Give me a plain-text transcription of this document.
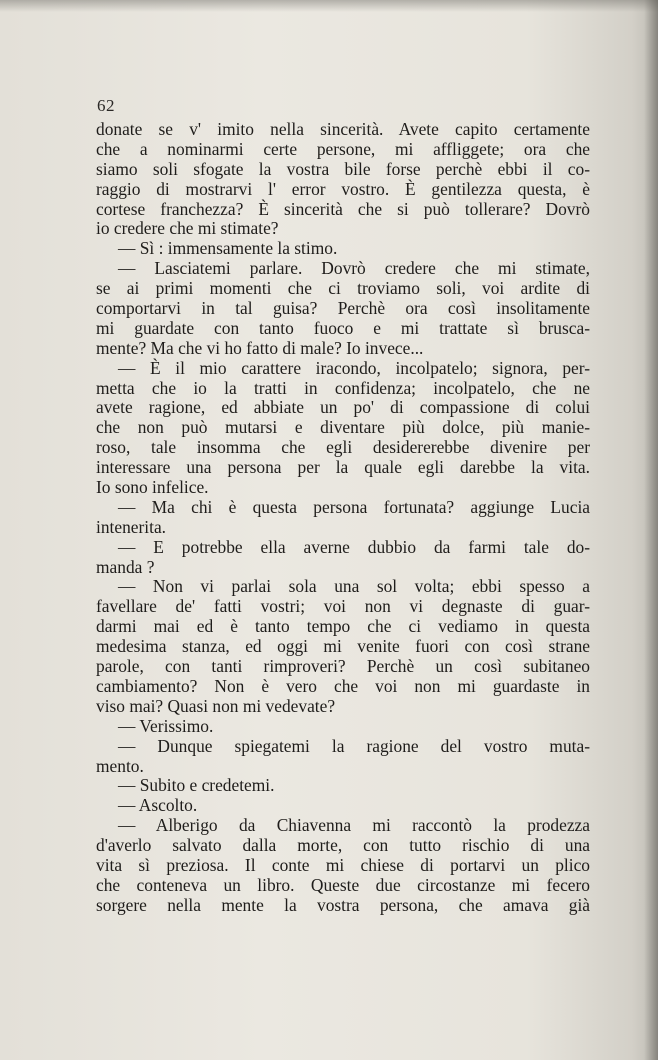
62
donate se v' imito nella sincerità. Avete capito certamente
che a nominarmi certe persone, mi affliggete; ora che
siamo soli sfogate la vostra bile forse perchè ebbi il co-
raggio di mostrarvi l' error vostro. È gentilezza questa, è
cortese franchezza? È sincerità che si può tollerare? Dovrò
io credere che mi stimate?
— Sì : immensamente la stimo.
— Lasciatemi parlare. Dovrò credere che mi stimate,
se ai primi momenti che ci troviamo soli, voi ardite di
comportarvi in tal guisa? Perchè ora così insolitamente
mi guardate con tanto fuoco e mi trattate sì brusca-
mente? Ma che vi ho fatto di male? Io invece...
— È il mio carattere iracondo, incolpatelo; signora, per-
metta che io la tratti in confidenza; incolpatelo, che ne
avete ragione, ed abbiate un po' di compassione di colui
che non può mutarsi e diventare più dolce, più manie-
roso, tale insomma che egli desidererebbe divenire per
interessare una persona per la quale egli darebbe la vita.
Io sono infelice.
— Ma chi è questa persona fortunata? aggiunge Lucia
intenerita.
— E potrebbe ella averne dubbio da farmi tale do-
manda ?
— Non vi parlai sola una sol volta; ebbi spesso a
favellare de' fatti vostri; voi non vi degnaste di guar-
darmi mai ed è tanto tempo che ci vediamo in questa
medesima stanza, ed oggi mi venite fuori con così strane
parole, con tanti rimproveri? Perchè un così subitaneo
cambiamento? Non è vero che voi non mi guardaste in
viso mai? Quasi non mi vedevate?
— Verissimo.
— Dunque spiegatemi la ragione del vostro muta-
mento.
— Subito e credetemi.
— Ascolto.
— Alberigo da Chiavenna mi raccontò la prodezza
d'averlo salvato dalla morte, con tutto rischio di una
vita sì preziosa. Il conte mi chiese di portarvi un plico
che conteneva un libro. Queste due circostanze mi fecero
sorgere nella mente la vostra persona, che amava già
